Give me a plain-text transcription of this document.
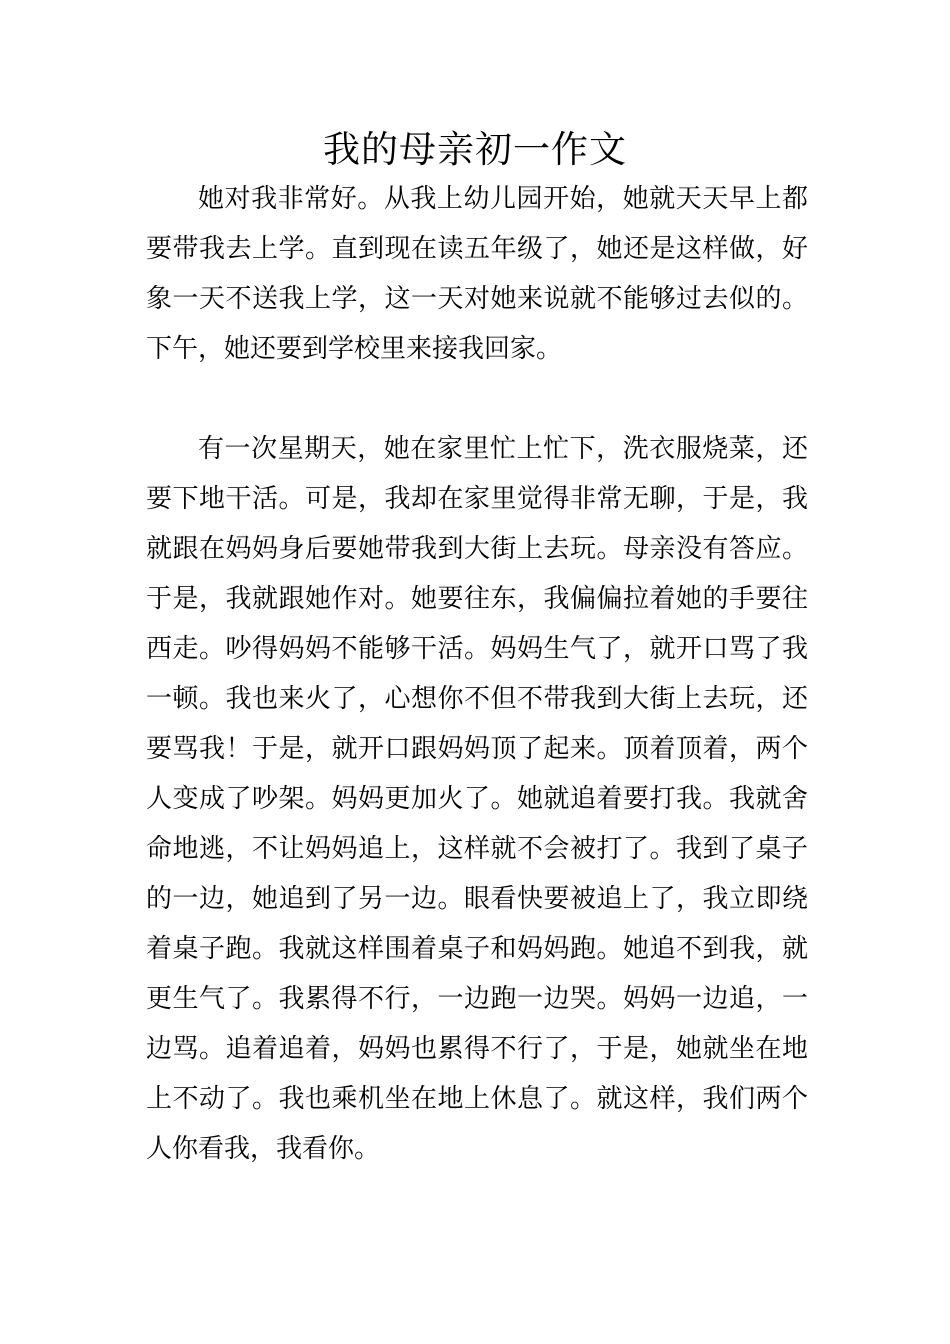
我的母亲初一作文

她对我非常好。从我上幼儿园开始，她就天天早上都要带我去上学。直到现在读五年级了，她还是这样做，好象一天不送我上学，这一天对她来说就不能够过去似的。下午，她还要到学校里来接我回家。

有一次星期天，她在家里忙上忙下，洗衣服烧菜，还要下地干活。可是，我却在家里觉得非常无聊，于是，我就跟在妈妈身后要她带我到大街上去玩。母亲没有答应。于是，我就跟她作对。她要往东，我偏偏拉着她的手要往西走。吵得妈妈不能够干活。妈妈生气了，就开口骂了我一顿。我也来火了，心想你不但不带我到大街上去玩，还要骂我！于是，就开口跟妈妈顶了起来。顶着顶着，两个人变成了吵架。妈妈更加火了。她就追着要打我。我就舍命地逃，不让妈妈追上，这样就不会被打了。我到了桌子的一边，她追到了另一边。眼看快要被追上了，我立即绕着桌子跑。我就这样围着桌子和妈妈跑。她追不到我，就更生气了。我累得不行，一边跑一边哭。妈妈一边追，一边骂。追着追着，妈妈也累得不行了，于是，她就坐在地上不动了。我也乘机坐在地上休息了。就这样，我们两个人你看我，我看你。
